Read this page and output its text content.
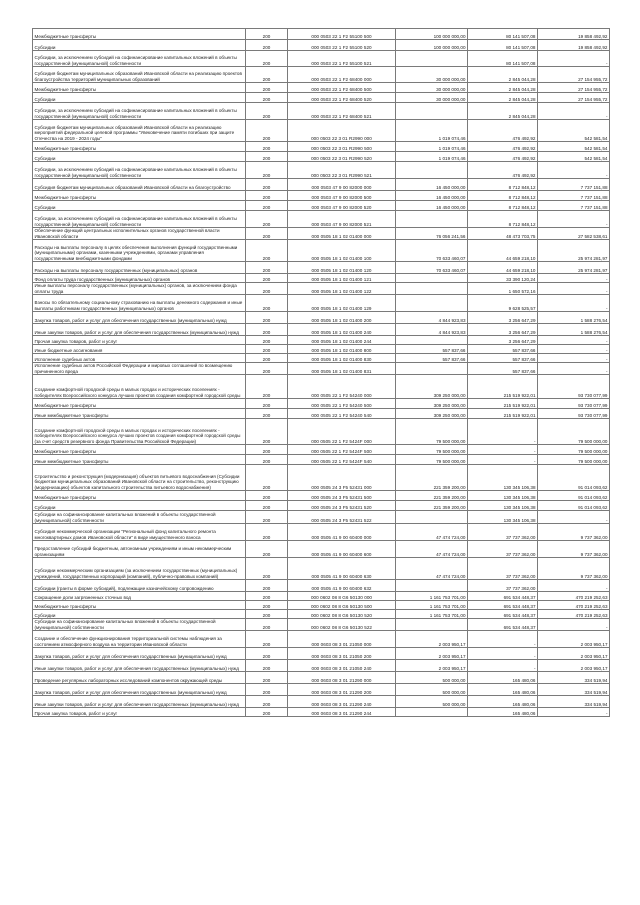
Межбюджетные трансферты	200	000 0503 22 1 F2 55100 500	100 000 000,00	80 141 507,08	19 858 492,92
Субсидии	200	000 0503 22 1 F2 55100 520	100 000 000,00	80 141 507,08	19 858 492,92
Субсидии, за исключением субсидий на софинансирование капитальных вложений в объекты государственной (муниципальной) собственности	200	000 0503 22 1 F2 55100 521		80 141 507,08	-
Субсидия бюджетам муниципальных образований Ивановской области на реализацию проектов благоустройства территорий муниципальных образований	200	000 0503 22 1 F2 68400 000	30 000 000,00	2 845 044,28	27 154 955,72
Межбюджетные трансферты	200	000 0503 22 1 F2 68400 500	30 000 000,00	2 845 044,28	27 154 955,72
Субсидии	200	000 0503 22 1 F2 68400 520	30 000 000,00	2 845 044,28	27 154 955,72
Субсидии, за исключением субсидий на софинансирование капитальных вложений в объекты государственной (муниципальной) собственности	200	000 0503 22 1 F2 68400 521		2 845 044,28	-
Субсидия бюджетам муниципальных образований Ивановской области на реализацию мероприятий федеральной целевой программы "Увековечение памяти погибших при защите Отечества на 2019 - 2024 годы"	200	000 0503 22 3 01 R2990 000	1 019 074,46	476 492,92	542 581,54
Межбюджетные трансферты	200	000 0503 22 3 01 R2990 500	1 019 074,46	476 492,92	542 581,54
Субсидии	200	000 0503 22 3 01 R2990 520	1 019 074,46	476 492,92	542 581,54
Субсидии, за исключением субсидий на софинансирование капитальных вложений в объекты государственной (муниципальной) собственности	200	000 0503 22 3 01 R2990 521		476 492,92	-
Субсидия бюджетам муниципальных образований Ивановской области на благоустройство	200	000 0503 47 9 00 82000 000	16 450 000,00	8 712 848,12	7 737 151,88
Межбюджетные трансферты	200	000 0503 47 9 00 82000 500	16 450 000,00	8 712 848,12	7 737 151,88
Субсидии	200	000 0503 47 9 00 82000 520	16 450 000,00	8 712 848,12	7 737 151,88
Субсидии, за исключением субсидий на софинансирование капитальных вложений в объекты государственной (муниципальной) собственности	200	000 0503 47 9 00 82000 521		8 712 848,12	-
Обеспечение функций центральных исполнительных органов государственной власти Ивановской области	200	000 0505 18 1 02 01400 000	76 056 241,56	48 473 703,75	27 582 538,61
Расходы на выплаты персоналу в целях обеспечения выполнения функций государственными (муниципальными) органами, казенными учреждениями, органами управления государственными внебюджетными фондами	200	000 0505 18 1 02 01400 100	70 633 460,07	44 659 218,10	25 974 281,97
Расходы на выплаты персоналу государственных (муниципальных) органов	200	000 0505 18 1 02 01400 120	70 633 460,07	44 659 218,10	25 974 281,97
Фонд оплаты труда государственных (муниципальных) органов	200	000 0505 18 1 02 01400 121		33 390 120,24	-
Иные выплаты персоналу государственных (муниципальных) органов, за исключением фонда оплаты труда	200	000 0505 18 1 02 01400 122		1 650 572,16	-
Взносы по обязательному социальному страхованию на выплаты денежного содержания и иные выплаты работникам государственных (муниципальных) органов	200	000 0505 18 1 02 01400 129		9 628 525,57	-
Закупка товаров, работ и услуг для обеспечения государственных (муниципальных) нужд	200	000 0505 18 1 02 01400 200	4 844 923,83	3 256 647,29	1 588 276,54
Иные закупки товаров, работ и услуг для обеспечения государственных (муниципальных) нужд	200	000 0505 18 1 02 01400 240	4 844 923,83	3 256 647,29	1 588 276,54
Прочая закупка товаров, работ и услуг	200	000 0505 18 1 02 01400 244		3 256 647,29	-
Иные бюджетные ассигнования	200	000 0505 18 1 02 01400 800	557 837,66	557 837,66	-
Исполнение судебных актов	200	000 0505 18 1 02 01400 830	557 837,66	557 837,66	-
Исполнение судебных актов Российской Федерации и мировых соглашений по возмещению причиненного вреда	200	000 0505 18 1 02 01400 831		557 837,66	-
Создание комфортной городской среды в малых городах и исторических поселениях - победителях Всероссийского конкурса лучших проектов создания комфортной городской среды	200	000 0505 22 1 F2 54240 000	309 250 000,00	215 519 922,01	93 730 077,99
Межбюджетные трансферты	200	000 0505 22 1 F2 54240 500	309 250 000,00	215 519 922,01	93 730 077,99
Иные межбюджетные трансферты	200	000 0505 22 1 F2 54240 540	309 250 000,00	215 519 922,01	93 730 077,99
Создание комфортной городской среды в малых городах и исторических поселениях - победителях Всероссийского конкурса лучших проектов создания комфортной городской среды (за счет средств резервного фонда Правительства Российской Федерации)	200	000 0505 22 1 F2 5424F 000	79 500 000,00	-	79 500 000,00
Межбюджетные трансферты	200	000 0505 22 1 F2 5424F 500	79 500 000,00	-	79 500 000,00
Иные межбюджетные трансферты	200	000 0505 22 1 F2 5424F 540	79 500 000,00	-	79 500 000,00
Строительство и реконструкция (модернизация) объектов питьевого водоснабжения (Субсидии бюджетам муниципальных образований Ивановской области на строительство, реконструкцию (модернизацию) объектов капитального строительства питьевого водоснабжения)	200	000 0505 24 3 F5 52431 000	221 359 200,00	130 345 106,38	91 014 093,62
Межбюджетные трансферты	200	000 0505 24 3 F5 52431 500	221 359 200,00	130 345 106,38	91 014 093,62
Субсидии	200	000 0505 24 3 F5 52431 520	221 359 200,00	130 345 106,38	91 014 093,62
Субсидии на софинансирование капитальных вложений в объекты государственной (муниципальной) собственности	200	000 0505 24 3 F5 52431 522		130 345 106,38	-
Субсидия некоммерческой организации "Региональный фонд капитального ремонта многоквартирных домов Ивановской области" в виде имущественного взноса	200	000 0505 41 9 00 60400 000	47 474 724,00	37 737 362,00	9 737 362,00
Предоставление субсидий бюджетным, автономным учреждениям и иным некоммерческим организациям	200	000 0505 41 9 00 60400 600	47 474 724,00	37 737 362,00	9 737 362,00
Субсидии некоммерческим организациям (за исключением государственных (муниципальных) учреждений, государственных корпораций (компаний), публично-правовых компаний)	200	000 0505 41 9 00 60400 630	47 474 724,00	37 737 362,00	9 737 362,00
Субсидии (гранты в форме субсидий), подлежащие казначейскому сопровождению	200	000 0505 41 9 00 60400 632		37 737 362,00	-
Сокращение доли загрязненных сточных вод	200	000 0602 08 8 G6 50130 000	1 161 753 701,00	691 534 448,37	470 219 252,63
Межбюджетные трансферты	200	000 0602 08 8 G6 50130 500	1 161 753 701,00	691 534 448,37	470 219 252,63
Субсидии	200	000 0602 08 8 G6 50130 520	1 161 753 701,00	691 534 448,37	470 219 252,63
Субсидии на софинансирование капитальных вложений в объекты государственной (муниципальной) собственности	200	000 0602 08 8 G6 50130 522		691 534 448,37	-
Создание и обеспечение функционирования территориальной системы наблюдения за состоянием атмосферного воздуха на территории Ивановской области	200	000 0603 08 3 01 21050 000	2 003 950,17	-	2 003 950,17
Закупка товаров, работ и услуг для обеспечения государственных (муниципальных) нужд	200	000 0603 08 3 01 21050 200	2 003 950,17	-	2 003 950,17
Иные закупки товаров, работ и услуг для обеспечения государственных (муниципальных) нужд	200	000 0603 08 3 01 21050 240	2 003 950,17	-	2 003 950,17
Проведение регулярных лабораторных исследований компонентов окружающей среды	200	000 0603 08 3 01 21290 000	500 000,00	165 480,06	334 519,94
Закупка товаров, работ и услуг для обеспечения государственных (муниципальных) нужд	200	000 0603 08 3 01 21290 200	500 000,00	165 480,06	334 519,94
Иные закупки товаров, работ и услуг для обеспечения государственных (муниципальных) нужд	200	000 0603 08 3 01 21290 240	500 000,00	165 480,06	334 519,94
Прочая закупка товаров, работ и услуг	200	000 0603 08 3 01 21290 244		165 480,06	-
